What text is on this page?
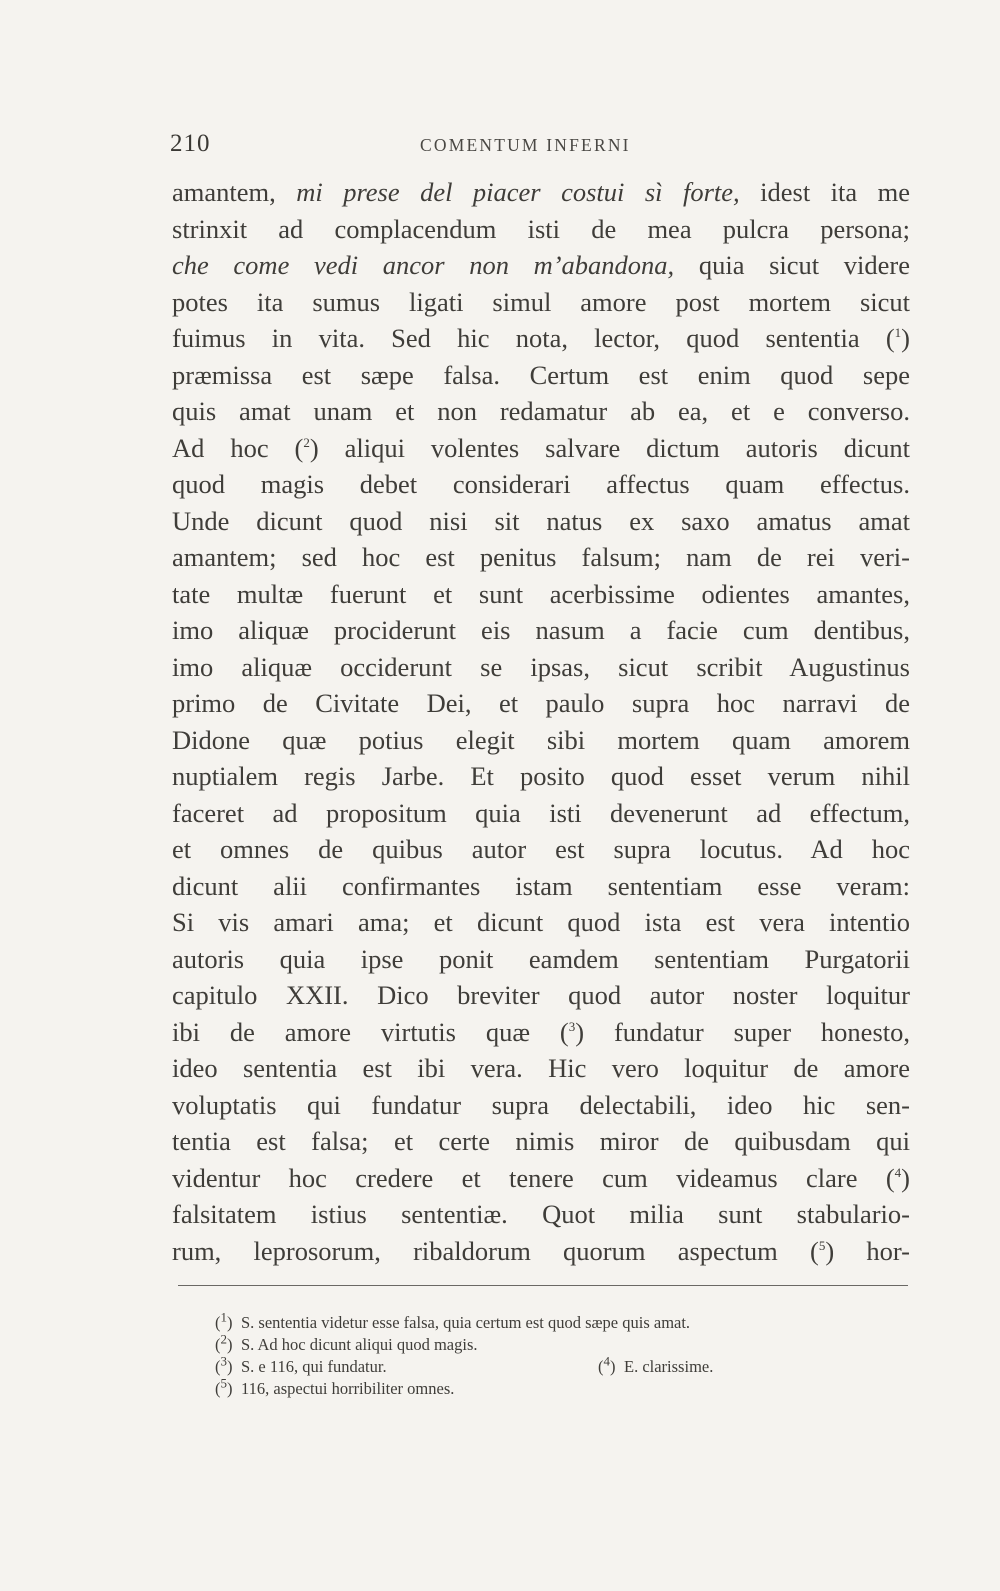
210	COMENTUM INFERNI
amantem, mi prese del piacer costui sì forte, idest ita me
strinxit ad complacendum isti de mea pulcra persona;
che come vedi ancor non m’abandona, quia sicut videre
potes ita sumus ligati simul amore post mortem sicut
fuimus in vita. Sed hic nota, lector, quod sententia ($^1$)
præmissa est sæpe falsa. Certum est enim quod sepe
quis amat unam et non redamatur ab ea, et e converso.
Ad hoc ($^2$) aliqui volentes salvare dictum autoris dicunt
quod magis debet considerari affectus quam effectus.
Unde dicunt quod nisi sit natus ex saxo amatus amat
amantem; sed hoc est penitus falsum; nam de rei veri-
tate multæ fuerunt et sunt acerbissime odientes amantes,
imo aliquæ prociderunt eis nasum a facie cum dentibus,
imo aliquæ occiderunt se ipsas, sicut scribit Augustinus
primo de Civitate Dei, et paulo supra hoc narravi de
Didone quæ potius elegit sibi mortem quam amorem
nuptialem regis Jarbe. Et posito quod esset verum nihil
faceret ad propositum quia isti devenerunt ad effectum,
et omnes de quibus autor est supra locutus. Ad hoc
dicunt alii confirmantes istam sententiam esse veram:
Si vis amari ama; et dicunt quod ista est vera intentio
autoris quia ipse ponit eamdem sententiam Purgatorii
capitulo XXII. Dico breviter quod autor noster loquitur
ibi de amore virtutis quæ ($^3$) fundatur super honesto,
ideo sententia est ibi vera. Hic vero loquitur de amore
voluptatis qui fundatur supra delectabili, ideo hic sen-
tentia est falsa; et certe nimis miror de quibusdam qui
videntur hoc credere et tenere cum videamus clare ($^4$)
falsitatem istius sententiæ. Quot milia sunt stabulario-
rum, leprosorum, ribaldorum quorum aspectum ($^5$) hor-
($^1$) S. sententia videtur esse falsa, quia certum est quod sæpe quis amat.
($^2$) S. Ad hoc dicunt aliqui quod magis.
($^3$) S. e 116, qui fundatur.	($^4$) E. clarissime.
($^5$) 116, aspectui horribiliter omnes.
